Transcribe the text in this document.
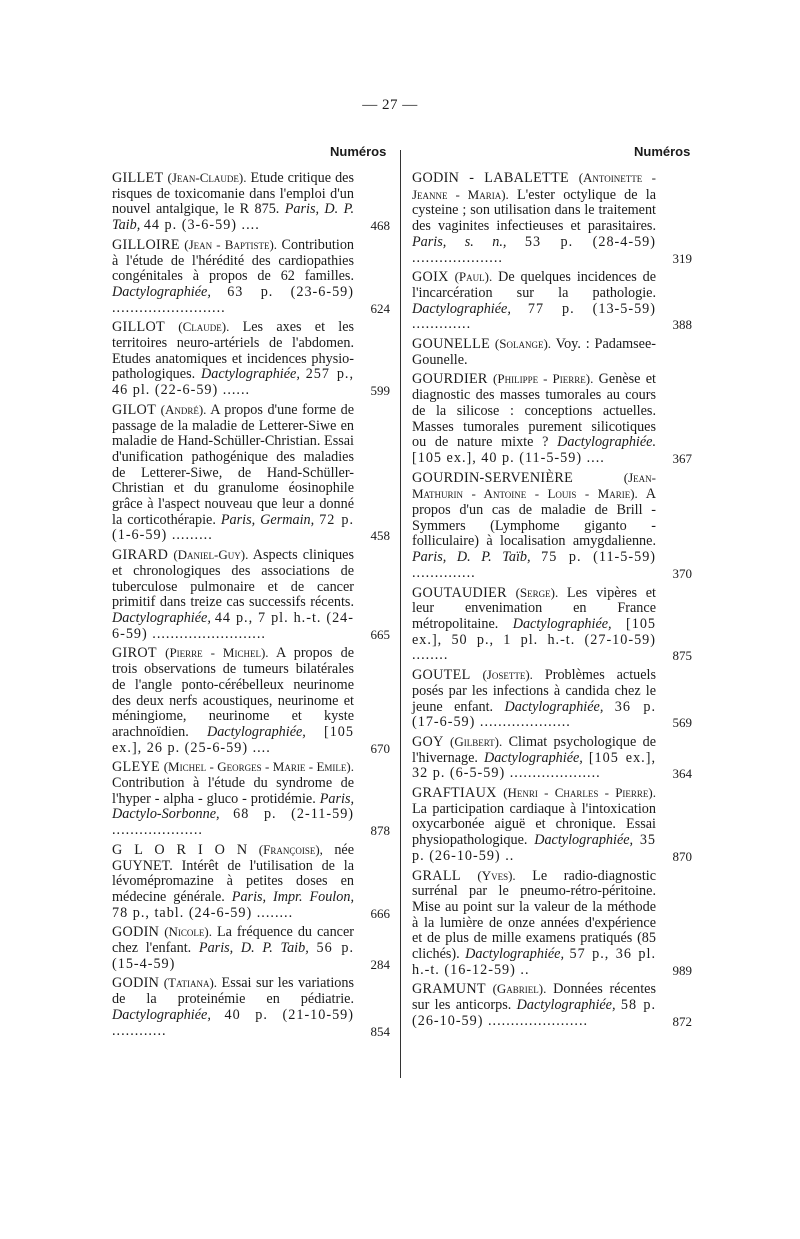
— 27 —
Numéros	Numéros
GILLET (Jean-Claude). Etude critique des risques de toxicomanie dans l'emploi d'un nouvel antalgique, le R 875. Paris, D. P. Taib, 44 p. (3-6-59) ....	468
GILLOIRE (Jean - Baptiste). Contribution à l'étude de l'hérédité des cardiopathies congénitales à propos de 62 familles. Dactylographiée, 63 p. (23-6-59) .........................	624
GILLOT (Claude). Les axes et les territoires neuro-artériels de l'abdomen. Etudes anatomiques et incidences physio-pathologiques. Dactylographiée, 257 p., 46 pl. (22-6-59) ......	599
GILOT (André). A propos d'une forme de passage de la maladie de Letterer-Siwe en maladie de Hand-Schüller-Christian. Essai d'unification pathogénique des maladies de Letterer-Siwe, de Hand-Schüller-Christian et du granulome éosinophile grâce à l'aspect nouveau que leur a donné la corticothérapie. Paris, Germain, 72 p. (1-6-59) .........	458
GIRARD (Daniel-Guy). Aspects cliniques et chronologiques des associations de tuberculose pulmonaire et de cancer primitif dans treize cas successifs récents. Dactylographiée, 44 p., 7 pl. h.-t. (24-6-59) .........................	665
GIROT (Pierre - Michel). A propos de trois observations de tumeurs bilatérales de l'angle ponto-cérébelleux neurinome des deux nerfs acoustiques, neurinome et méningiome, neurinome et kyste arachnoïdien. Dactylographiée, [105 ex.], 26 p. (25-6-59) ....	670
GLEYE (Michel - Georges - Marie - Emile). Contribution à l'étude du syndrome de l'hyper - alpha - gluco - protidémie. Paris, Dactylo-Sorbonne, 68 p. (2-11-59) ....................	878
G L O R I O N (Françoise), née GUYNET. Intérêt de l'utilisation de la lévomépromazine à petites doses en médecine générale. Paris, Impr. Foulon, 78 p., tabl. (24-6-59) ........	666
GODIN (Nicole). La fréquence du cancer chez l'enfant. Paris, D. P. Taib, 56 p. (15-4-59)	284
GODIN (Tatiana). Essai sur les variations de la proteinémie en pédiatrie. Dactylographiée, 40 p. (21-10-59) ............	854
GODIN - LABALETTE (Antoinette - Jeanne - Maria). L'ester octylique de la cysteine ; son utilisation dans le traitement des vaginites infectieuses et parasitaires. Paris, s. n., 53 p. (28-4-59) ....................	319
GOIX (Paul). De quelques incidences de l'incarcération sur la pathologie. Dactylographiée, 77 p. (13-5-59) .............	388
GOUNELLE (Solange). Voy. : Padamsee-Gounelle.
GOURDIER (Philippe - Pierre). Genèse et diagnostic des masses tumorales au cours de la silicose : conceptions actuelles. Masses tumorales purement silicotiques ou de nature mixte ? Dactylographiée. [105 ex.], 40 p. (11-5-59) ....	367
GOURDIN-SERVENIÈRE	(Jean-Mathurin - Antoine - Louis - Marie). A propos d'un cas de maladie de Brill - Symmers (Lymphome giganto - folliculaire) à localisation amygdalienne. Paris, D. P. Taïb, 75 p. (11-5-59) ..............	370
GOUTAUDIER (Serge). Les vipères et leur envenimation en France métropolitaine. Dactylographiée, [105 ex.], 50 p., 1 pl. h.-t. (27-10-59) ........	875
GOUTEL (Josette). Problèmes actuels posés par les infections à candida chez le jeune enfant. Dactylographiée, 36 p. (17-6-59) ....................	569
GOY (Gilbert). Climat psychologique de l'hivernage. Dactylographiée, [105 ex.], 32 p. (6-5-59) ....................	364
GRAFTIAUX (Henri - Charles - Pierre). La participation cardiaque à l'intoxication oxycarbonée aiguë et chronique. Essai physiopathologique. Dactylographiée, 35 p. (26-10-59) ..	870
GRALL (Yves). Le radio-diagnostic surrénal par le pneumo-rétro-péritoine. Mise au point sur la valeur de la méthode à la lumière de onze années d'expérience et de plus de mille examens pratiqués (85 clichés). Dactylographiée, 57 p., 36 pl. h.-t. (16-12-59) ..	989
GRAMUNT (Gabriel). Données récentes sur les anticorps. Dactylographiée, 58 p. (26-10-59) ......................	872
